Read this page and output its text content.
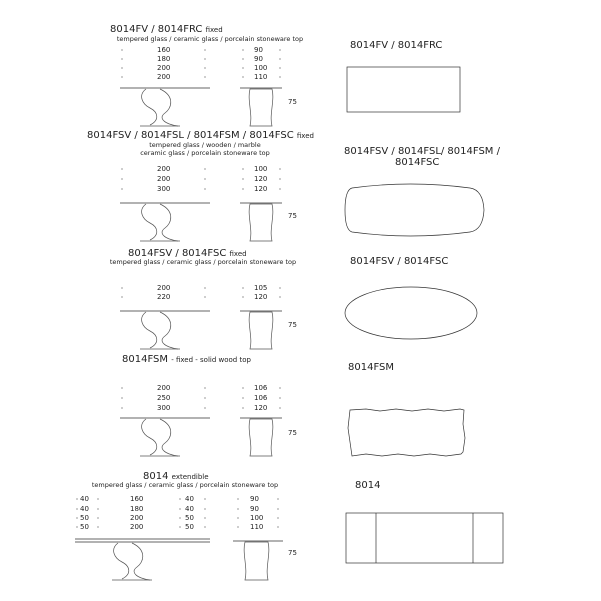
8014FV / 8014FRC fixed
tempered glass / ceramic glass / porcelain stoneware top
160
180
200
200
90
90
100
110
75
8014FV / 8014FRC
8014FSV / 8014FSL / 8014FSM / 8014FSC fixed
tempered glass / wooden / marble
ceramic glass / porcelain stoneware top
200
200
300
100
120
120
75
8014FSV / 8014FSL/ 8014FSM /
8014FSC
8014FSV / 8014FSC fixed
tempered glass / ceramic glass / porcelain stoneware top
200
220
105
120
75
8014FSV / 8014FSC
8014FSM - fixed - solid wood top
200
250
300
106
106
120
75
8014FSM
8014 extendible
tempered glass / ceramic glass / porcelain stoneware top
40
40
50
50
160
180
200
200
40
40
50
50
90
90
100
110
75
8014
